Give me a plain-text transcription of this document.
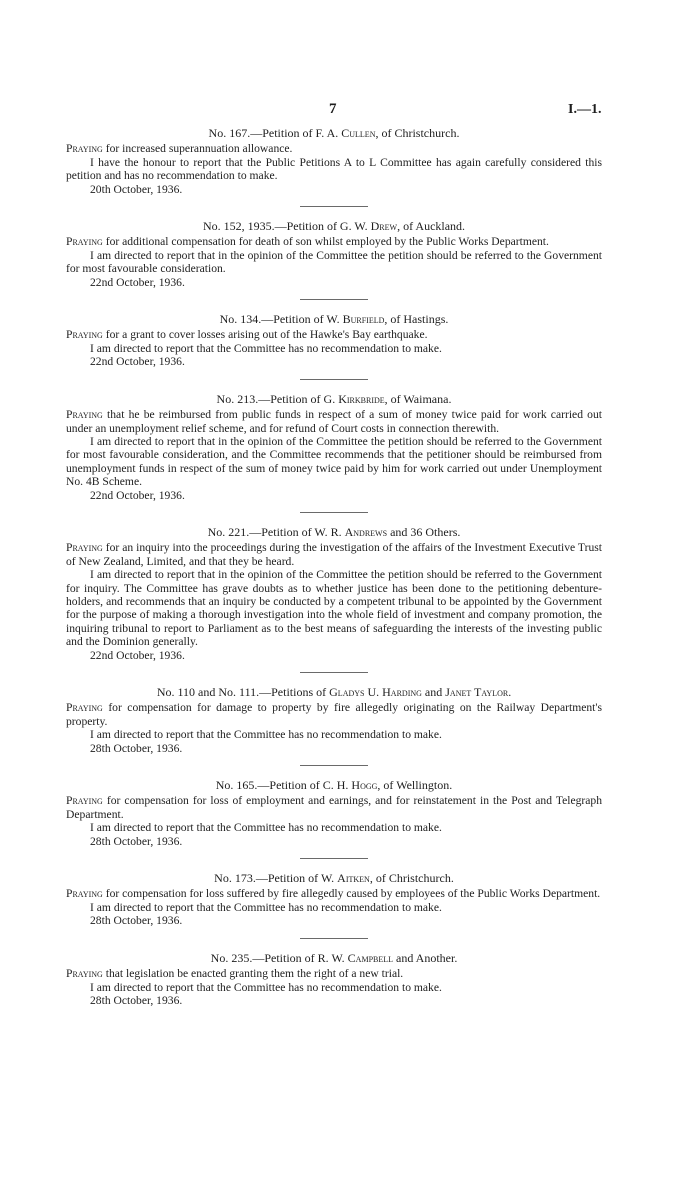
7	I.—1.
No. 167.—Petition of F. A. Cullen, of Christchurch.
Praying for increased superannuation allowance.
I have the honour to report that the Public Petitions A to L Committee has again carefully considered this petition and has no recommendation to make.
20th October, 1936.
No. 152, 1935.—Petition of G. W. Drew, of Auckland.
Praying for additional compensation for death of son whilst employed by the Public Works Department.
I am directed to report that in the opinion of the Committee the petition should be referred to the Government for most favourable consideration.
22nd October, 1936.
No. 134.—Petition of W. Burfield, of Hastings.
Praying for a grant to cover losses arising out of the Hawke's Bay earthquake.
I am directed to report that the Committee has no recommendation to make.
22nd October, 1936.
No. 213.—Petition of G. Kirkbride, of Waimana.
Praying that he be reimbursed from public funds in respect of a sum of money twice paid for work carried out under an unemployment relief scheme, and for refund of Court costs in connection therewith.
I am directed to report that in the opinion of the Committee the petition should be referred to the Government for most favourable consideration, and the Committee recommends that the petitioner should be reimbursed from unemployment funds in respect of the sum of money twice paid by him for work carried out under Unemployment No. 4B Scheme.
22nd October, 1936.
No. 221.—Petition of W. R. Andrews and 36 Others.
Praying for an inquiry into the proceedings during the investigation of the affairs of the Investment Executive Trust of New Zealand, Limited, and that they be heard.
I am directed to report that in the opinion of the Committee the petition should be referred to the Government for inquiry. The Committee has grave doubts as to whether justice has been done to the petitioning debenture-holders, and recommends that an inquiry be conducted by a competent tribunal to be appointed by the Government for the purpose of making a thorough investigation into the whole field of investment and company promotion, the inquiring tribunal to report to Parliament as to the best means of safeguarding the interests of the investing public and the Dominion generally.
22nd October, 1936.
No. 110 and No. 111.—Petitions of Gladys U. Harding and Janet Taylor.
Praying for compensation for damage to property by fire allegedly originating on the Railway Department's property.
I am directed to report that the Committee has no recommendation to make.
28th October, 1936.
No. 165.—Petition of C. H. Hogg, of Wellington.
Praying for compensation for loss of employment and earnings, and for reinstatement in the Post and Telegraph Department.
I am directed to report that the Committee has no recommendation to make.
28th October, 1936.
No. 173.—Petition of W. Aitken, of Christchurch.
Praying for compensation for loss suffered by fire allegedly caused by employees of the Public Works Department.
I am directed to report that the Committee has no recommendation to make.
28th October, 1936.
No. 235.—Petition of R. W. Campbell and Another.
Praying that legislation be enacted granting them the right of a new trial.
I am directed to report that the Committee has no recommendation to make.
28th October, 1936.
